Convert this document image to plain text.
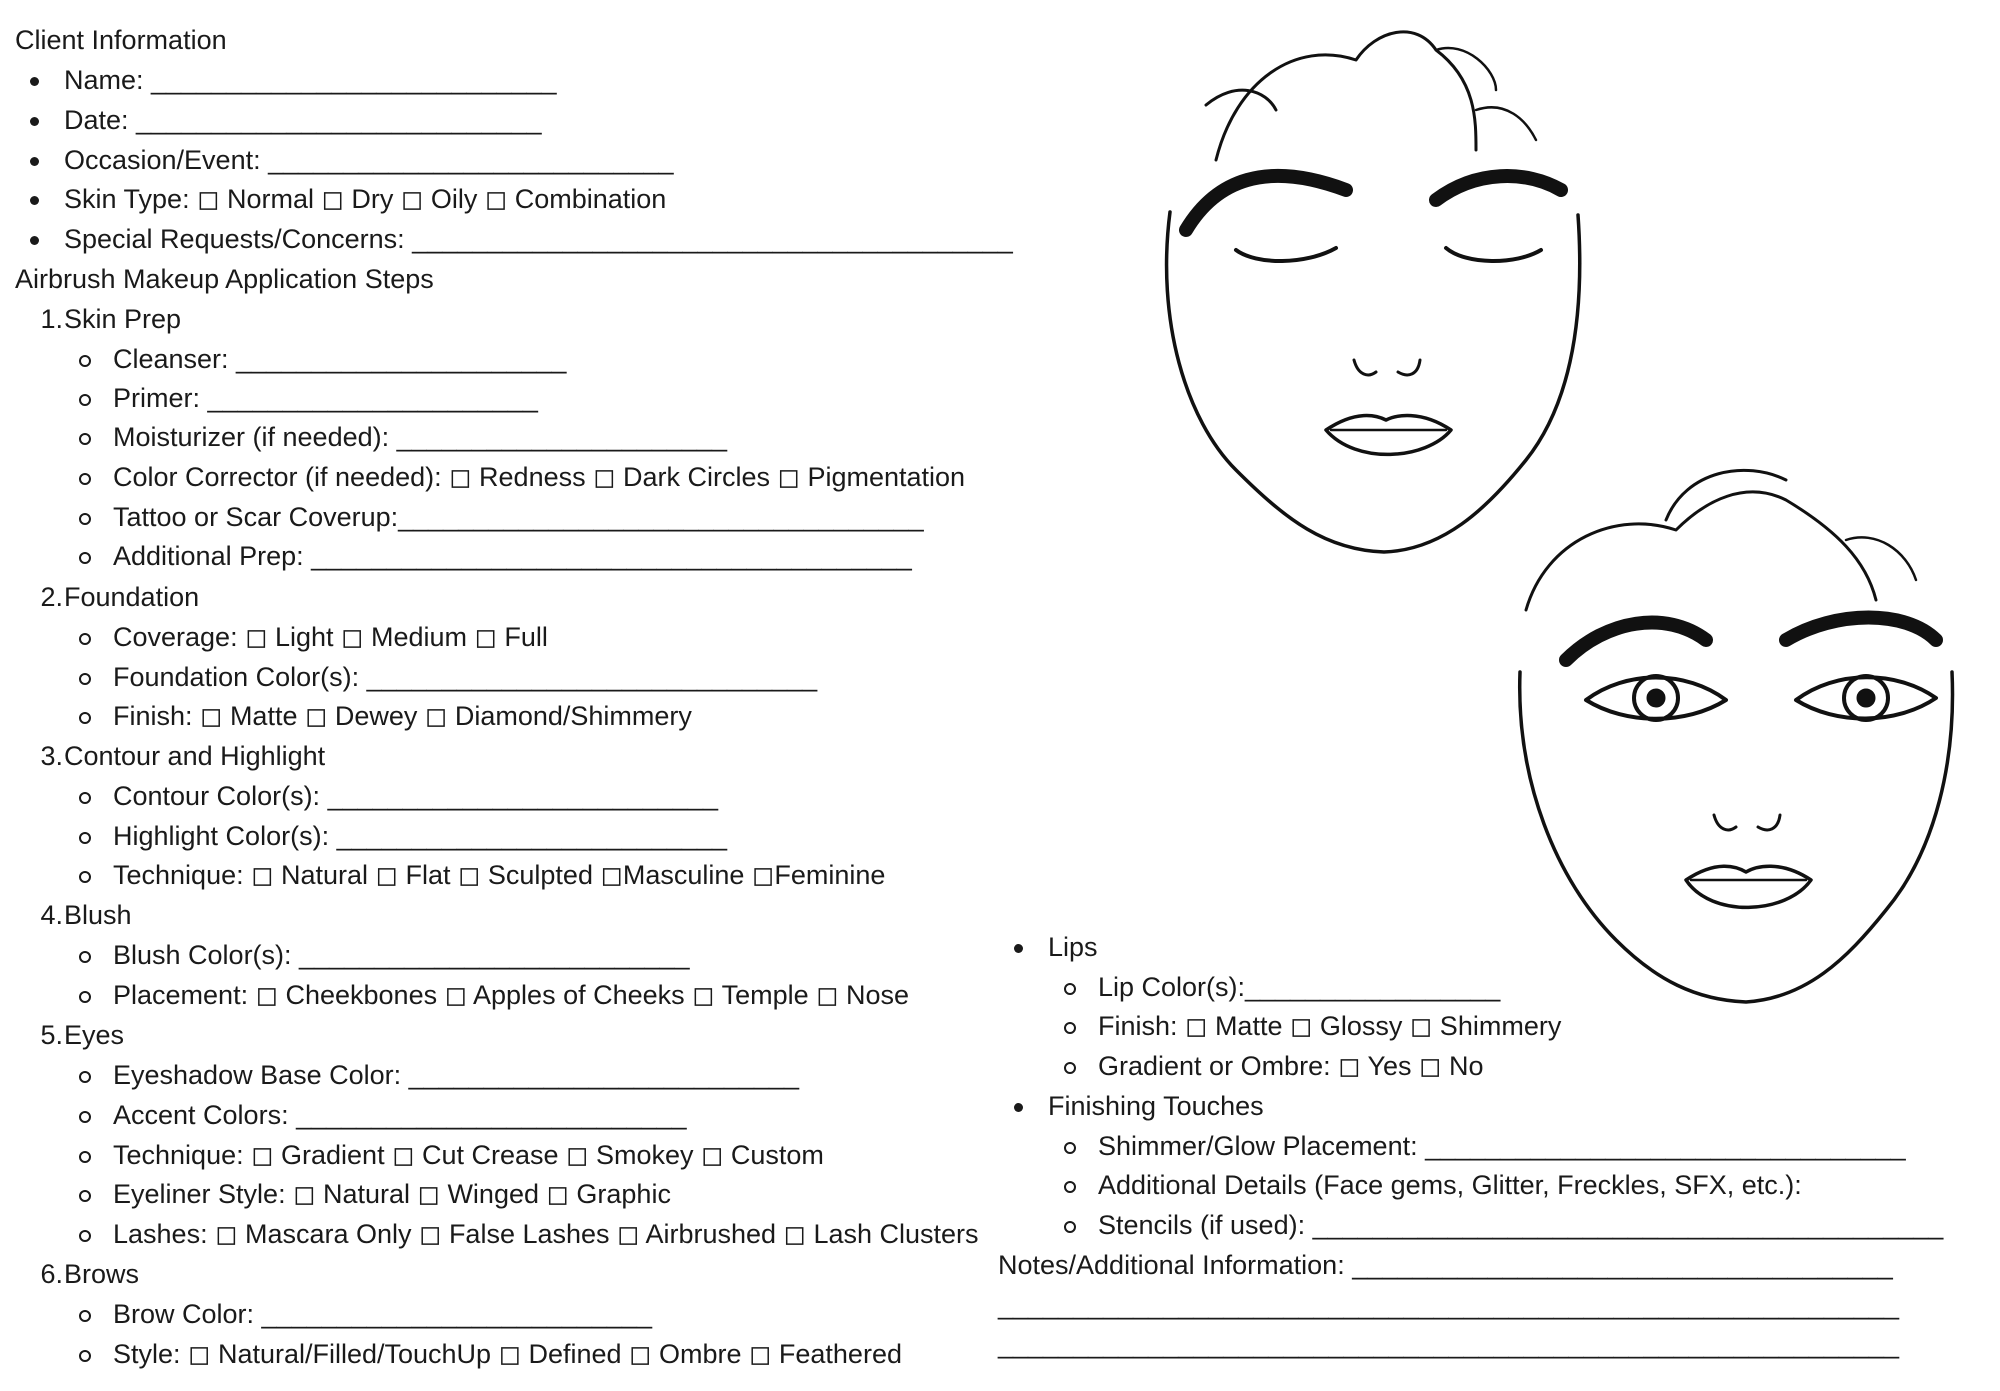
Client Information
Name: ___________________________
Date: ___________________________
Occasion/Event: ___________________________
Skin Type: ◻ Normal ◻ Dry ◻ Oily ◻ Combination
Special Requests/Concerns: ________________________________________
Airbrush Makeup Application Steps
1. Skin Prep
Cleanser: ______________________
Primer: ______________________
Moisturizer (if needed): ______________________
Color Corrector (if needed): ◻ Redness ◻ Dark Circles ◻ Pigmentation
Tattoo or Scar Coverup:___________________________________
Additional Prep: ________________________________________
2. Foundation
Coverage: ◻ Light ◻ Medium ◻ Full
Foundation Color(s): ______________________________
Finish: ◻ Matte ◻ Dewey ◻ Diamond/Shimmery
3. Contour and Highlight
Contour Color(s): __________________________
Highlight Color(s): __________________________
Technique: ◻ Natural ◻ Flat ◻ Sculpted ◻Masculine ◻Feminine
4. Blush
Blush Color(s): __________________________
Placement: ◻ Cheekbones ◻ Apples of Cheeks ◻ Temple ◻ Nose
5. Eyes
Eyeshadow Base Color: __________________________
Accent Colors: __________________________
Technique: ◻ Gradient ◻ Cut Crease ◻ Smokey ◻ Custom
Eyeliner Style: ◻ Natural ◻ Winged ◻ Graphic
Lashes: ◻ Mascara Only ◻ False Lashes ◻ Airbrushed ◻ Lash Clusters
6. Brows
Brow Color: __________________________
Style: ◻ Natural/Filled/TouchUp ◻ Defined ◻ Ombre ◻ Feathered
Lips
Lip Color(s):_________________
Finish: ◻ Matte ◻ Glossy ◻ Shimmery
Gradient or Ombre: ◻ Yes ◻ No
Finishing Touches
Shimmer/Glow Placement: ________________________________
Additional Details (Face gems, Glitter, Freckles, SFX, etc.):
Stencils (if used): __________________________________________
Notes/Additional Information: ____________________________________
____________________________________________________________
____________________________________________________________
